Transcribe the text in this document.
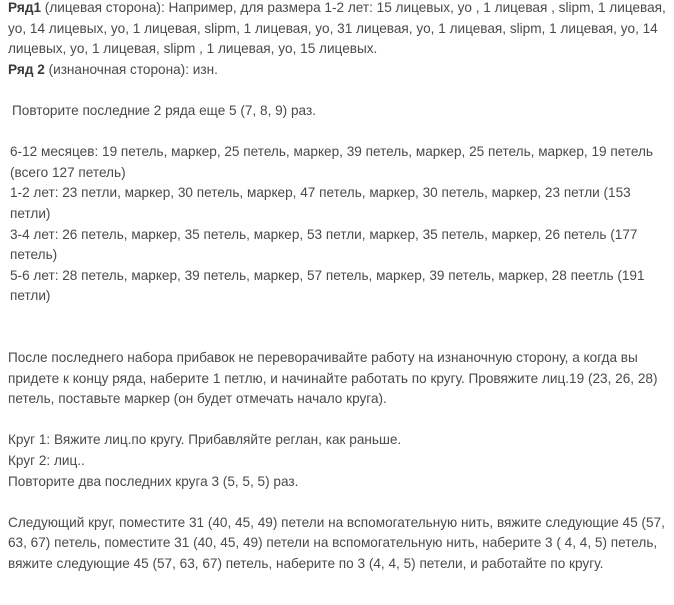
Ряд1 (лицевая сторона): Например, для размера 1-2 лет: 15 лицевых, yo , 1 лицевая , slipm, 1 лицевая, yo, 14 лицевых, yo, 1 лицевая, slipm, 1 лицевая, yo, 31 лицевая, yo, 1 лицевая, slipm, 1 лицевая, yo, 14 лицевых, yo, 1 лицевая, slipm , 1 лицевая, yo, 15 лицевых.

Ряд 2 (изнаночная сторона): изн.

Повторите последние 2 ряда еще 5 (7, 8, 9) раз.

6-12 месяцев: 19 петель, маркер, 25 петель, маркер, 39 петель, маркер, 25 петель, маркер, 19 петель (всего 127 петель)

1-2 лет: 23 петли, маркер, 30 петель, маркер, 47 петель, маркер, 30 петель, маркер, 23 петли (153 петли)

3-4 лет: 26 петель, маркер, 35 петель, маркер, 53 петли, маркер, 35 петель, маркер, 26 петель (177 петель)

5-6 лет: 28 петель, маркер, 39 петель, маркер, 57 петель, маркер, 39 петель, маркер, 28 пеетль (191 петли)

После последнего набора прибавок не переворачивайте работу на изнаночную сторону, а когда вы придете к концу ряда, наберите 1 петлю, и начинайте работать по кругу. Провяжите лиц.19 (23, 26, 28) петель, поставьте маркер (он будет отмечать начало круга).

Круг 1: Вяжите лиц.по кругу. Прибавляйте реглан, как раньше.

Круг 2: лиц..

Повторите два последних круга 3 (5, 5, 5) раз.

Следующий круг, поместите 31 (40, 45, 49) петели на вспомогательную нить, вяжите следующие 45 (57, 63, 67) петель, поместите 31 (40, 45, 49) петели на вспомогательную нить, наберите 3 ( 4, 4, 5) петель, вяжите следующие 45 (57, 63, 67) петель, наберите по 3 (4, 4, 5) петели, и работайте по кругу.
